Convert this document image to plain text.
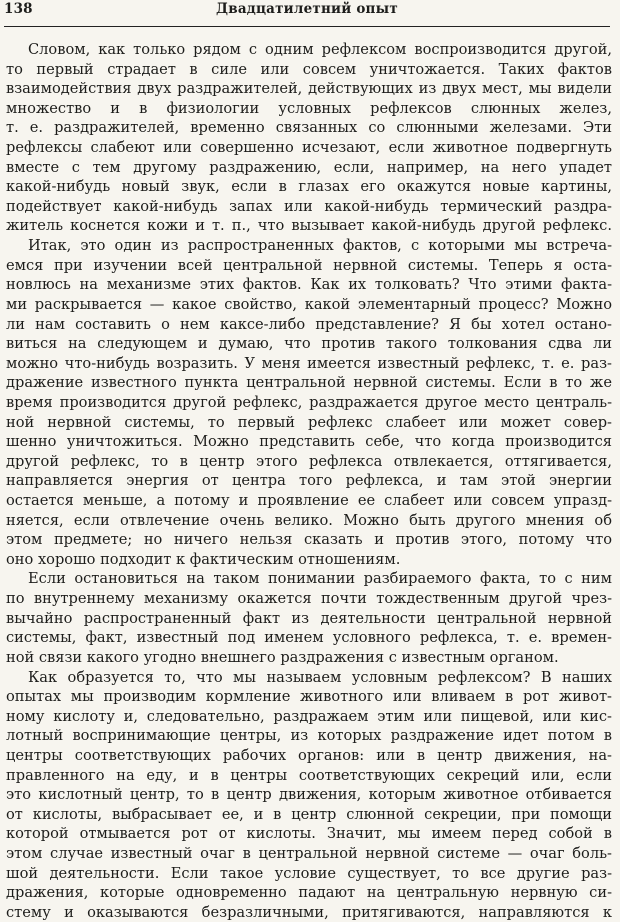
138	Двадцатилетний опыт
Словом, как только рядом с одним рефлексом воспроизводится другой,
то первый страдает в силе или совсем уничтожается. Таких фактов
взаимодействия двух раздражителей, действующих из двух мест, мы видели
множество и в физиологии условных рефлексов слюнных желез,
т. е. раздражителей, временно связанных со слюнными железами. Эти
рефлексы слабеют или совершенно исчезают, если животное подвергнуть
вместе с тем другому раздражению, если, например, на него упадет
какой-нибудь новый звук, если в глазах его окажутся новые картины,
подействует какой-нибудь запах или какой-нибудь термический раздра-
житель коснется кожи и т. п., что вызывает какой-нибудь другой рефлекс.
Итак, это один из распространенных фактов, с которыми мы встреча-
емся при изучении всей центральной нервной системы. Теперь я оста-
новлюсь на механизме этих фактов. Как их толковать? Что этими факта-
ми раскрывается — какое свойство, какой элементарный процесс? Можно
ли нам составить о нем каксе-либо представление? Я бы хотел остано-
виться на следующем и думаю, что против такого толкования сдва ли
можно что-нибудь возразить. У меня имеется известный рефлекс, т. е. раз-
дражение известного пункта центральной нервной системы. Если в то же
время производится другой рефлекс, раздражается другое место централь-
ной нервной системы, то первый рефлекс слабеет или может совер-
шенно уничтожиться. Можно представить себе, что когда производится
другой рефлекс, то в центр этого рефлекса отвлекается, оттягивается,
направляется энергия от центра того рефлекса, и там этой энергии
остается меньше, а потому и проявление ее слабеет или совсем упразд-
няется, если отвлечение очень велико. Можно быть другого мнения об
этом предмете; но ничего нельзя сказать и против этого, потому что
оно хорошо подходит к фактическим отношениям.
Если остановиться на таком понимании разбираемого факта, то с ним
по внутреннему механизму окажется почти тождественным другой чрез-
вычайно распространенный факт из деятельности центральной нервной
системы, факт, известный под именем условного рефлекса, т. е. времен-
ной связи какого угодно внешнего раздражения с известным органом.
Как образуется то, что мы называем условным рефлексом? В наших
опытах мы производим кормление животного или вливаем в рот живот-
ному кислоту и, следовательно, раздражаем этим или пищевой, или кис-
лотный воспринимающие центры, из которых раздражение идет потом в
центры соответствующих рабочих органов: или в центр движения, на-
правленного на еду, и в центры соответствующих секреций или, если
это кислотный центр, то в центр движения, которым животное отбивается
от кислоты, выбрасывает ее, и в центр слюнной секреции, при помощи
которой отмывается рот от кислоты. Значит, мы имеем перед собой в
этом случае известный очаг в центральной нервной системе — очаг боль-
шой деятельности. Если такое условие существует, то все другие раз-
дражения, которые одновременно падают на центральную нервную си-
стему и оказываются безразличными, притягиваются, направляются к
